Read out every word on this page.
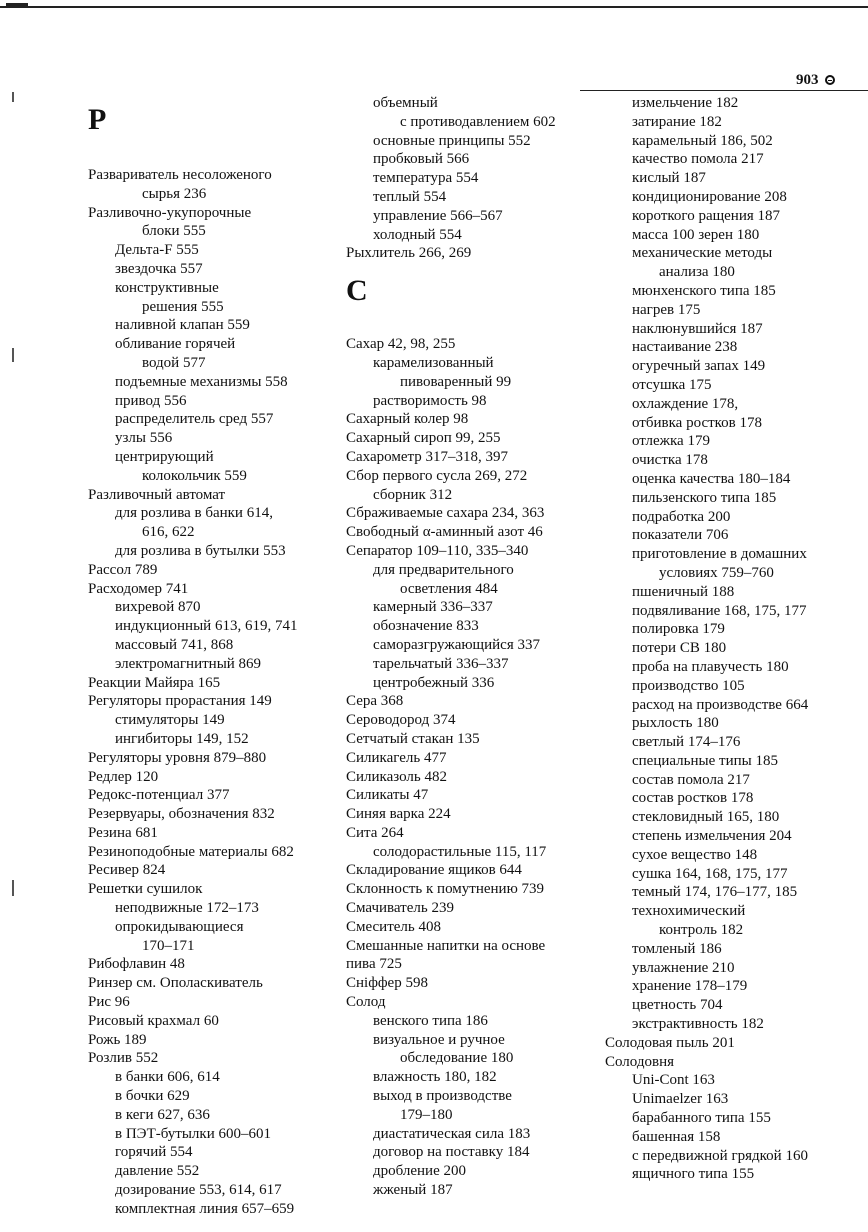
903
Р
Развариватель несоложеного
сырья 236
Разливочно-укупорочные
блоки 555
Дельта-F 555
звездочка 557
конструктивные
решения 555
наливной клапан 559
обливание горячей
водой 577
подъемные механизмы 558
привод 556
распределитель сред 557
узлы 556
центрирующий
колокольчик 559
Разливочный автомат
для розлива в банки 614,
616, 622
для розлива в бутылки 553
Рассол 789
Расходомер 741
вихревой 870
индукционный 613, 619, 741
массовый 741, 868
электромагнитный 869
Реакции Майяра 165
Регуляторы прорастания 149
стимуляторы 149
ингибиторы 149, 152
Регуляторы уровня 879–880
Редлер 120
Редокс-потенциал 377
Резервуары, обозначения 832
Резина 681
Резиноподобные материалы 682
Ресивер 824
Решетки сушилок
неподвижные 172–173
опрокидывающиеся
170–171
Рибофлавин 48
Ринзер см. Ополаскиватель
Рис 96
Рисовый крахмал 60
Рожь 189
Розлив 552
в банки 606, 614
в бочки 629
в кеги 627, 636
в ПЭТ-бутылки 600–601
горячий 554
давление 552
дозирование 553, 614, 617
комплектная линия 657–659
объемный
с противодавлением 602
основные принципы 552
пробковый 566
температура 554
теплый 554
управление 566–567
холодный 554
Рыхлитель 266, 269
С
Сахар 42, 98, 255
карамелизованный
пивоваренный 99
растворимость 98
Сахарный колер 98
Сахарный сироп 99, 255
Сахарометр 317–318, 397
Сбор первого сусла 269, 272
сборник 312
Сбраживаемые сахара 234, 363
Свободный α-аминный азот 46
Сепаратор 109–110, 335–340
для предварительного
осветления 484
камерный 336–337
обозначение 833
саморазгружающийся 337
тарельчатый 336–337
центробежный 336
Сера 368
Сероводород 374
Сетчатый стакан 135
Силикагель 477
Силиказоль 482
Силикаты 47
Синяя варка 224
Сита 264
солодорастильные 115, 117
Складирование ящиков 644
Склонность к помутнению 739
Смачиватель 239
Смеситель 408
Смешанные напитки на основе
пива 725
Снiффер 598
Солод
венского типа 186
визуальное и ручное
обследование 180
влажность 180, 182
выход в производстве
179–180
диастатическая сила 183
договор на поставку 184
дробление 200
жженый 187
измельчение 182
затирание 182
карамельный 186, 502
качество помола 217
кислый 187
кондиционирование 208
короткого ращения 187
масса 100 зерен 180
механические методы
анализа 180
мюнхенского типа 185
нагрев 175
наклюнувшийся 187
настаивание 238
огуречный запах 149
отсушка 175
охлаждение 178,
отбивка ростков 178
отлежка 179
очистка 178
оценка качества 180–184
пильзенского типа 185
подработка 200
показатели 706
приготовление в домашних
условиях 759–760
пшеничный 188
подвяливание 168, 175, 177
полировка 179
потери СВ 180
проба на плавучесть 180
производство 105
расход на производстве 664
рыхлость 180
светлый 174–176
специальные типы 185
состав помола 217
состав ростков 178
стекловидный 165, 180
степень измельчения 204
сухое вещество 148
сушка 164, 168, 175, 177
темный 174, 176–177, 185
технохимический
контроль 182
томленый 186
увлажнение 210
хранение 178–179
цветность 704
экстрактивность 182
Солодовая пыль 201
Солодовня
Uni-Cont 163
Unimaelzer 163
барабанного типа 155
башенная 158
с передвижной грядкой 160
ящичного типа 155
